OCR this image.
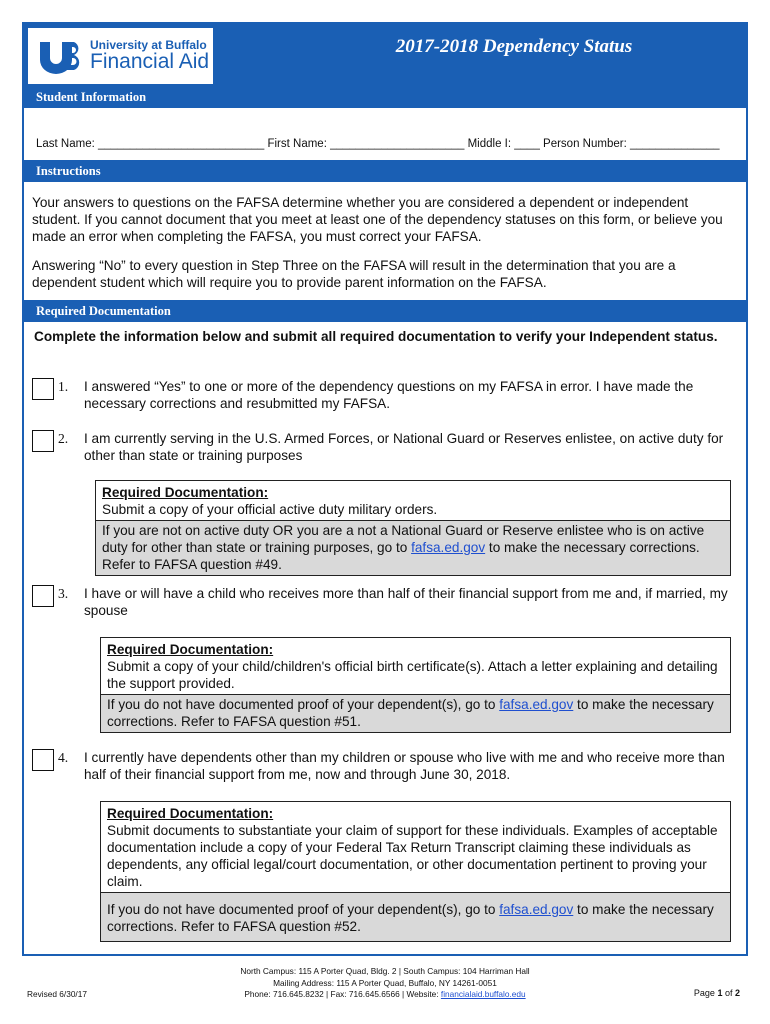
University at Buffalo
Financial Aid
2017-2018 Dependency Status
Student Information
Last Name: __________________________ First Name: _____________________ Middle I: ____ Person Number: ______________
Instructions
Your answers to questions on the FAFSA determine whether you are considered a dependent or independent student. If you cannot document that you meet at least one of the dependency statuses on this form, or believe you made an error when completing the FAFSA, you must correct your FAFSA.
Answering “No” to every question in Step Three on the FAFSA will result in the determination that you are a dependent student which will require you to provide parent information on the FAFSA.
Required Documentation
Complete the information below and submit all required documentation to verify your Independent status.
1. I answered “Yes” to one or more of the dependency questions on my FAFSA in error. I have made the necessary corrections and resubmitted my FAFSA.
2. I am currently serving in the U.S. Armed Forces, or National Guard or Reserves enlistee, on active duty for other than state or training purposes
Required Documentation:
Submit a copy of your official active duty military orders.
If you are not on active duty OR you are a not a National Guard or Reserve enlistee who is on active duty for other than state or training purposes, go to fafsa.ed.gov to make the necessary corrections. Refer to FAFSA question #49.
3. I have or will have a child who receives more than half of their financial support from me and, if married, my spouse
Required Documentation:
Submit a copy of your child/children's official birth certificate(s). Attach a letter explaining and detailing the support provided.
If you do not have documented proof of your dependent(s), go to fafsa.ed.gov to make the necessary corrections. Refer to FAFSA question #51.
4. I currently have dependents other than my children or spouse who live with me and who receive more than half of their financial support from me, now and through June 30, 2018.
Required Documentation:
Submit documents to substantiate your claim of support for these individuals. Examples of acceptable documentation include a copy of your Federal Tax Return Transcript claiming these individuals as dependents, any official legal/court documentation, or other documentation pertinent to proving your claim.
If you do not have documented proof of your dependent(s), go to fafsa.ed.gov to make the necessary corrections. Refer to FAFSA question #52.
North Campus: 115 A Porter Quad, Bldg. 2 | South Campus: 104 Harriman Hall
Mailing Address: 115 A Porter Quad, Buffalo, NY 14261-0051
Phone: 716.645.8232 | Fax: 716.645.6566 | Website: financialaid.buffalo.edu
Revised 6/30/17	Page 1 of 2
